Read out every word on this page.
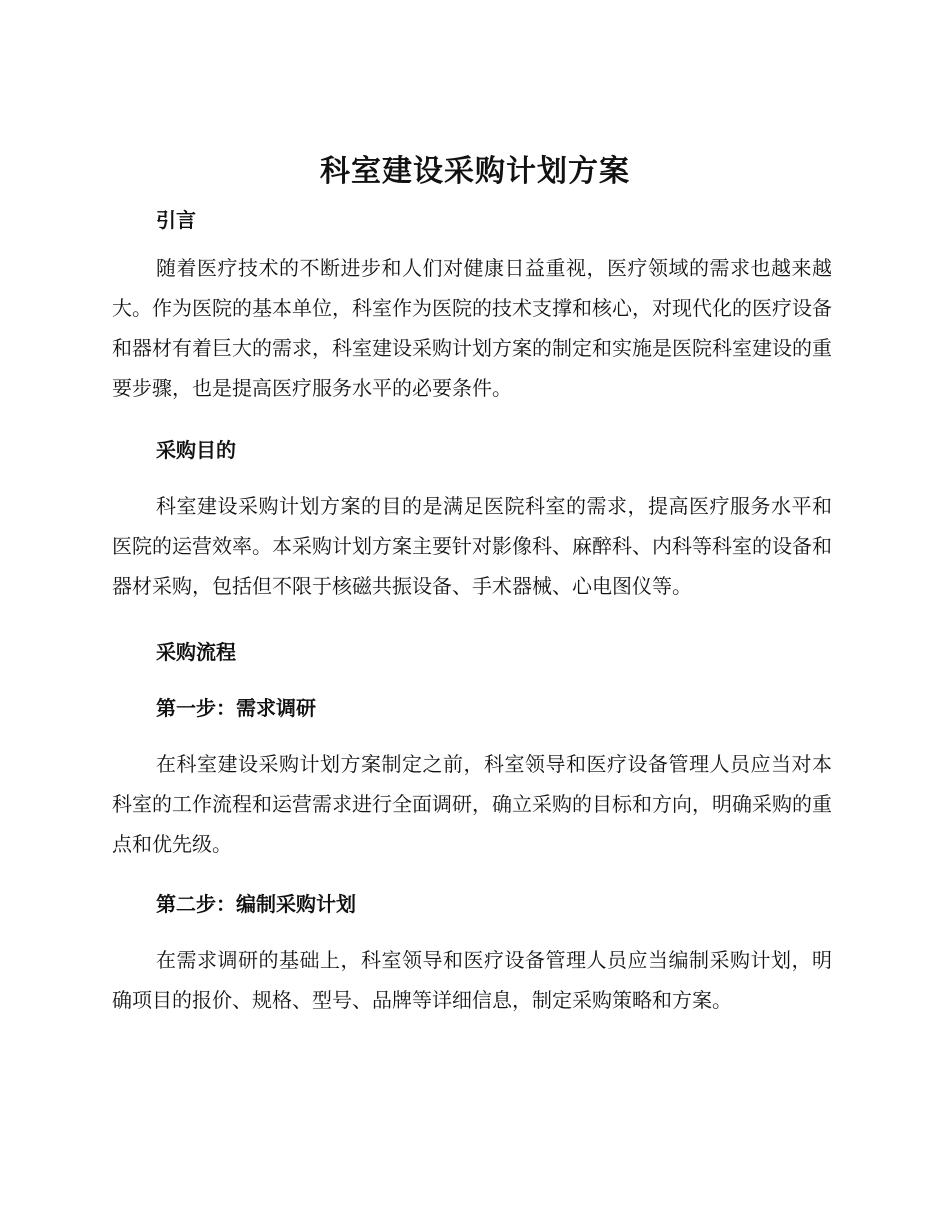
科室建设采购计划方案

引言

随着医疗技术的不断进步和人们对健康日益重视，医疗领域的需求也越来越大。作为医院的基本单位，科室作为医院的技术支撑和核心，对现代化的医疗设备和器材有着巨大的需求，科室建设采购计划方案的制定和实施是医院科室建设的重要步骤，也是提高医疗服务水平的必要条件。

采购目的

科室建设采购计划方案的目的是满足医院科室的需求，提高医疗服务水平和医院的运营效率。本采购计划方案主要针对影像科、麻醉科、内科等科室的设备和器材采购，包括但不限于核磁共振设备、手术器械、心电图仪等。

采购流程

第一步：需求调研

在科室建设采购计划方案制定之前，科室领导和医疗设备管理人员应当对本科室的工作流程和运营需求进行全面调研，确立采购的目标和方向，明确采购的重点和优先级。

第二步：编制采购计划

在需求调研的基础上，科室领导和医疗设备管理人员应当编制采购计划，明确项目的报价、规格、型号、品牌等详细信息，制定采购策略和方案。
